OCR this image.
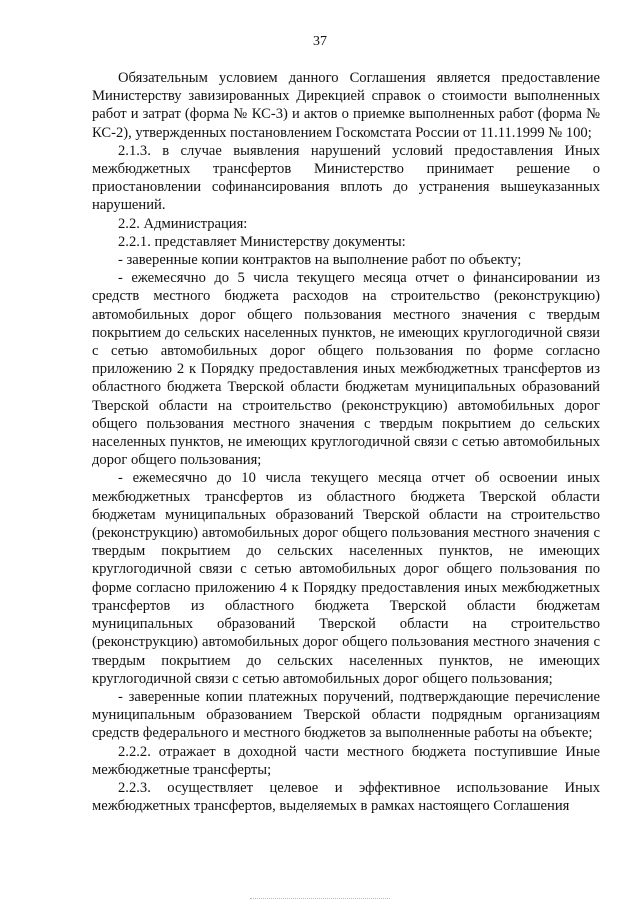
37

Обязательным условием данного Соглашения является предоставление Министерству завизированных Дирекцией справок о стоимости выполненных работ и затрат (форма № КС-3) и актов о приемке выполненных работ (форма № КС-2), утвержденных постановлением Госкомстата России от 11.11.1999 № 100;

2.1.3. в случае выявления нарушений условий предоставления Иных межбюджетных трансфертов Министерство принимает решение о приостановлении софинансирования вплоть до устранения вышеуказанных нарушений.

2.2. Администрация:

2.2.1. представляет Министерству документы:

- заверенные копии контрактов на выполнение работ по объекту;

- ежемесячно до 5 числа текущего месяца отчет о финансировании из средств местного бюджета расходов на строительство (реконструкцию) автомобильных дорог общего пользования местного значения с твердым покрытием до сельских населенных пунктов, не имеющих круглогодичной связи с сетью автомобильных дорог общего пользования по форме согласно приложению 2 к Порядку предоставления иных межбюджетных трансфертов из областного бюджета Тверской области бюджетам муниципальных образований Тверской области на строительство (реконструкцию) автомобильных дорог общего пользования местного значения с твердым покрытием до сельских населенных пунктов, не имеющих круглогодичной связи с сетью автомобильных дорог общего пользования;

- ежемесячно до 10 числа текущего месяца отчет об освоении иных межбюджетных трансфертов из областного бюджета Тверской области бюджетам муниципальных образований Тверской области на строительство (реконструкцию) автомобильных дорог общего пользования местного значения с твердым покрытием до сельских населенных пунктов, не имеющих круглогодичной связи с сетью автомобильных дорог общего пользования по форме согласно приложению 4 к Порядку предоставления иных межбюджетных трансфертов из областного бюджета Тверской области бюджетам муниципальных образований Тверской области на строительство (реконструкцию) автомобильных дорог общего пользования местного значения с твердым покрытием до сельских населенных пунктов, не имеющих круглогодичной связи с сетью автомобильных дорог общего пользования;

- заверенные копии платежных поручений, подтверждающие перечисление муниципальным образованием Тверской области подрядным организациям средств федерального и местного бюджетов за выполненные работы на объекте;

2.2.2. отражает в доходной части местного бюджета поступившие Иные межбюджетные трансферты;

2.2.3. осуществляет целевое и эффективное использование Иных межбюджетных трансфертов, выделяемых в рамках настоящего Соглашения
